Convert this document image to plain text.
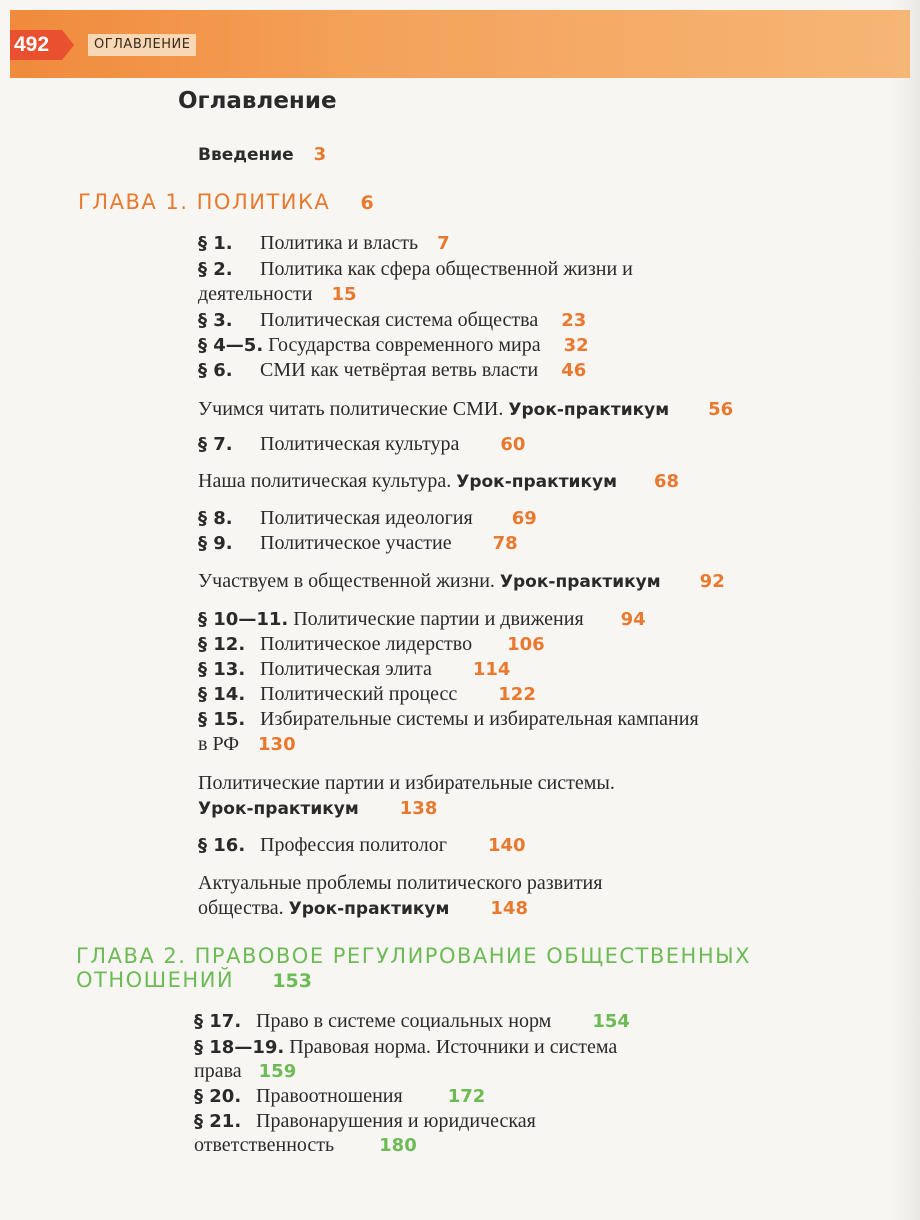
⠀
492	ОГЛАВЛЕНИЕ
Оглавление
Введение 3
ГЛАВА 1. ПОЛИТИКА 6
§ 1. Политика и власть 7
§ 2. Политика как сфера общественной жизни и
деятельности 15
§ 3. Политическая система общества 23
§ 4—5. Государства современного мира 32
§ 6. СМИ как четвёртая ветвь власти 46
Учимся читать политические СМИ. Урок-практикум 56
§ 7. Политическая культура 60
Наша политическая культура. Урок-практикум 68
§ 8. Политическая идеология 69
§ 9. Политическое участие 78
Участвуем в общественной жизни. Урок-практикум 92
§ 10—11. Политические партии и движения 94
§ 12. Политическое лидерство 106
§ 13. Политическая элита 114
§ 14. Политический процесс 122
§ 15. Избирательные системы и избирательная кампания
в РФ 130
Политические партии и избирательные системы.
Урок-практикум 138
§ 16. Профессия политолог 140
Актуальные проблемы политического развития
общества. Урок-практикум 148
ГЛАВА 2. ПРАВОВОЕ РЕГУЛИРОВАНИЕ ОБЩЕСТВЕННЫХ
ОТНОШЕНИЙ 153
§ 17. Право в системе социальных норм 154
§ 18—19. Правовая норма. Источники и система
права 159
§ 20. Правоотношения	172
§ 21. Правонарушения и юридическая
ответственность	180
